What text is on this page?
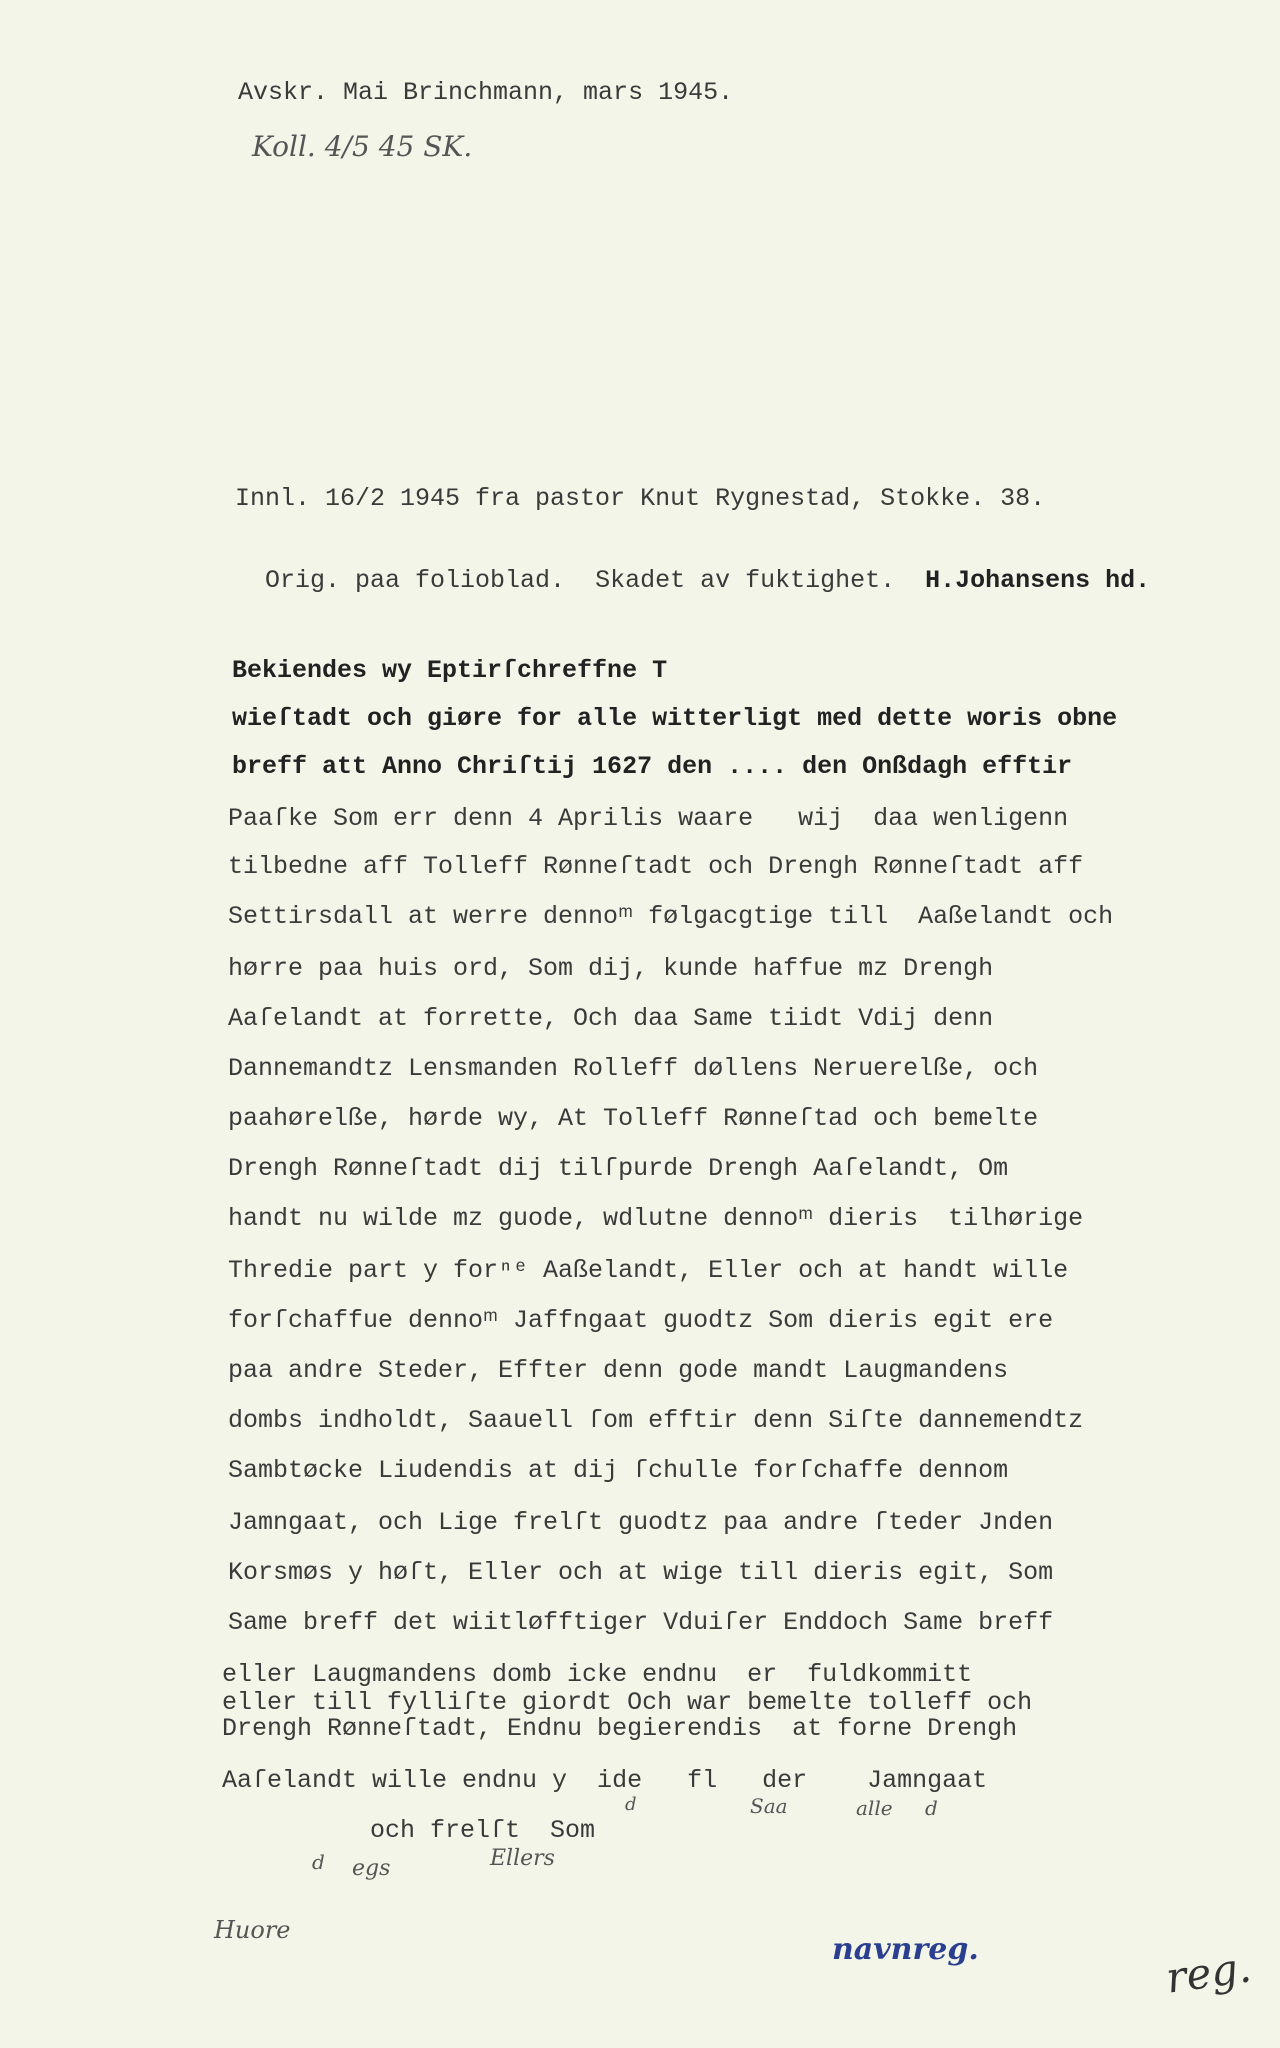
Avskr. Mai Brinchmann, mars 1945.
Koll. 4/5 45 SK.
Innl. 16/2 1945 fra pastor Knut Rygnestad, Stokke. 38.

Orig. paa folioblad.  Skadet av fuktighet. H.Johansens hd.

Bekiendes wy Eptirſchreffne T
wieſtadt och giøre for alle witterligt med dette woris obne
breff att Anno Chriſtij 1627 den .... den Onßdagh efftir
Paaſke Som err denn 4 Aprilis waare   wij  daa wenligenn
tilbedne aff Tolleff Rønneſtadt och Drengh Rønneſtadt aff
Settirsdall at werre dennoᵐ følgacgtige till  Aaßelandt och
hørre paa huis ord, Som dij, kunde haffue mz Drengh
Aaſelandt at forrette, Och daa Same tiidt Vdij denn
Dannemandtz Lensmanden Rolleff døllens Neruerelße, och
paahørelße, hørde wy, At Tolleff Rønneſtad och bemelte
Drengh Rønneſtadt dij tilſpurde Drengh Aaſelandt, Om
handt nu wilde mz guode, wdlutne dennoᵐ dieris  tilhørige
Thredie part y forⁿᵉ Aaßelandt, Eller och at handt wille
forſchaffue dennoᵐ Jaffngaat guodtz Som dieris egit ere
paa andre Steder, Effter denn gode mandt Laugmandens
dombs indholdt, Saauell ſom efftir denn Siſte dannemendtz
Sambtøcke Liudendis at dij ſchulle forſchaffe dennom
Jamngaat, och Lige frelſt guodtz paa andre ſteder Jnden
Korsmøs y høſt, Eller och at wige till dieris egit, Som
Same breff det wiitløfftiger Vduiſer Enddoch Same breff
eller Laugmandens domb icke endnu  er  fuldkommitt
eller till fylliſte giordt Och war bemelte tolleff och
Drengh Rønneſtadt, Endnu begierendis  at forne Drengh
Aaſelandt wille endnu y  ide   fl   der    Jamngaat
och frelſt  Som
Saa	alle
d	d
d egs	Ellers
Huore
navnreg.	reg.
